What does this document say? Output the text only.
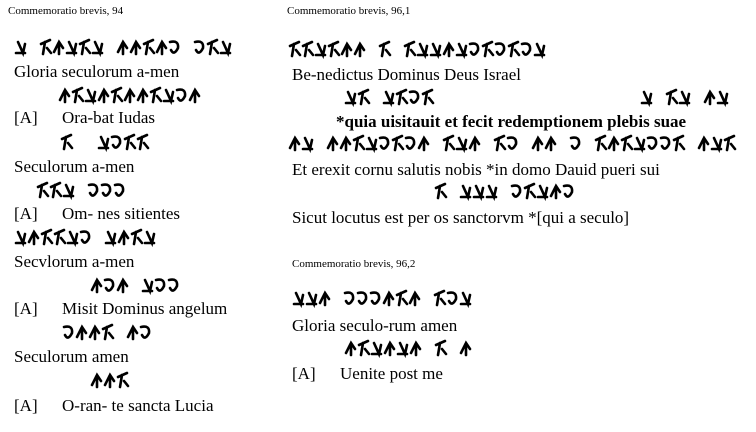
Commemoratio brevis, 94
Gloria seculorum a-men
[A] Ora-bat Iudas
Seculorum a-men
[A] Om- nes sitientes
Secvlorum a-men
[A] Misit Dominus angelum
Seculorum amen
[A] O-ran- te sancta Lucia
Commemoratio brevis, 96,1
Be-nedictus Dominus Deus Israel
*quia uisitauit et fecit redemptionem plebis suae
Et erexit cornu salutis nobis *in domo Dauid pueri sui
Sicut locutus est per os sanctorvm *[qui a seculo]
Commemoratio brevis, 96,2
Gloria seculo-rum amen
[A] Uenite post me
